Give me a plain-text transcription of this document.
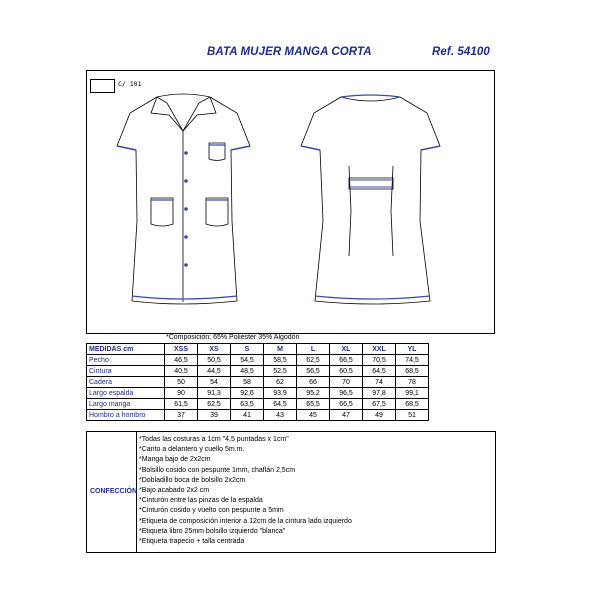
BATA MUJER MANGA CORTA	Ref. 54100
C/ 101
*Composición: 65% Poliéster 35% Algodón
MEDIDAS cm	XSS	XS	S	M	L	XL	XXL	YL
Pecho	46,5	50,5	54,5	58,5	62,5	66,5	70,5	74,5
Cintura	40,5	44,5	48,5	52,5	56,5	60,5	64,5	68,5
Cadera	50	54	58	62	66	70	74	78
Largo espalda	90	91,3	92,6	93,9	95,2	96,5	97,8	99,1
Largo manga	61,5	62,5	63,5	64,5	65,5	66,5	67,5	68,5
Hombro a hombro	37	39	41	43	45	47	49	51
CONFECCIÓN
*Todas las costuras a 1cm "4,5 puntadas x 1cm"
*Canto a delantero y cuello 5m.m.
*Manga bajo de 2x2cm
*Bolsillo cosido con pespunte 1mm, chaflán 2,5cm
*Dobladillo boca de bolsillo 2x2cm
*Bajo acabado 2x2 cm
*Cinturón entre las pinzas de la espalda
*Cinturón cosido y vuelto con pespunte a 5mm
*Etiqueta de composición interior a 12cm de la cintura lado izquierdo
*Etiqueta libro 25mm bolsillo izquierdo "blanca"
*Etiqueta trapecio + talla centrada
